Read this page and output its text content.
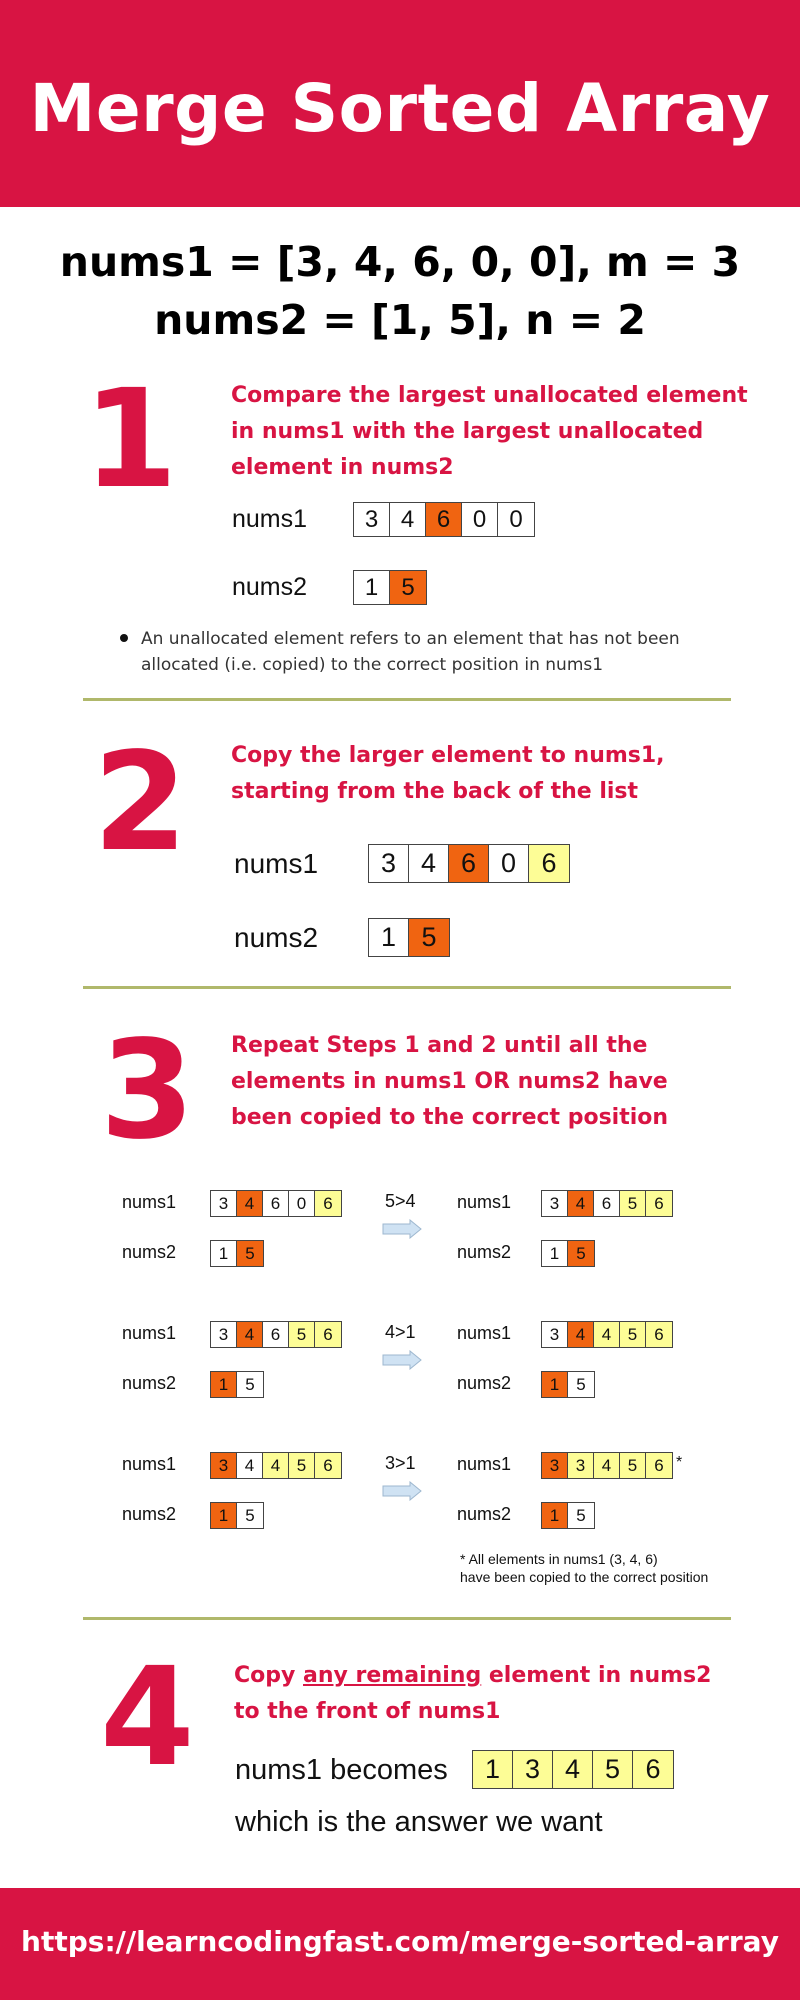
Merge Sorted Array
nums1 = [3, 4, 6, 0, 0], m = 3
nums2 = [1, 5], n = 2
1 Compare the largest unallocated element in nums1 with the largest unallocated element in nums2
nums1	3 4 6 0 0
nums2	1 5
An unallocated element refers to an element that has not been allocated (i.e. copied) to the correct position in nums1
2 Copy the larger element to nums1, starting from the back of the list
nums1	3 4 6 0 6
nums2	1 5
3 Repeat Steps 1 and 2 until all the elements in nums1 OR nums2 have been copied to the correct position
nums1	3 4 6 0	6
nums2	1	5
5>4 nums1	3 4 6 5	6
nums2	1	5
nums1	3 4 6 5	6
nums2	1	5
4>1 nums1	3 4 4 5	6
nums2	1	5
nums1	3 4 4 5	6
nums2	1	5
3>1 nums1	3 3 4 5	6 *
nums2	1	5
* All elements in nums1 (3, 4, 6)
have been copied to the correct position
4 Copy any remaining element in nums2 to the front of nums1
nums1 becomes	1 3 4 5 6
which is the answer we want
https://learncodingfast.com/merge-sorted-array
